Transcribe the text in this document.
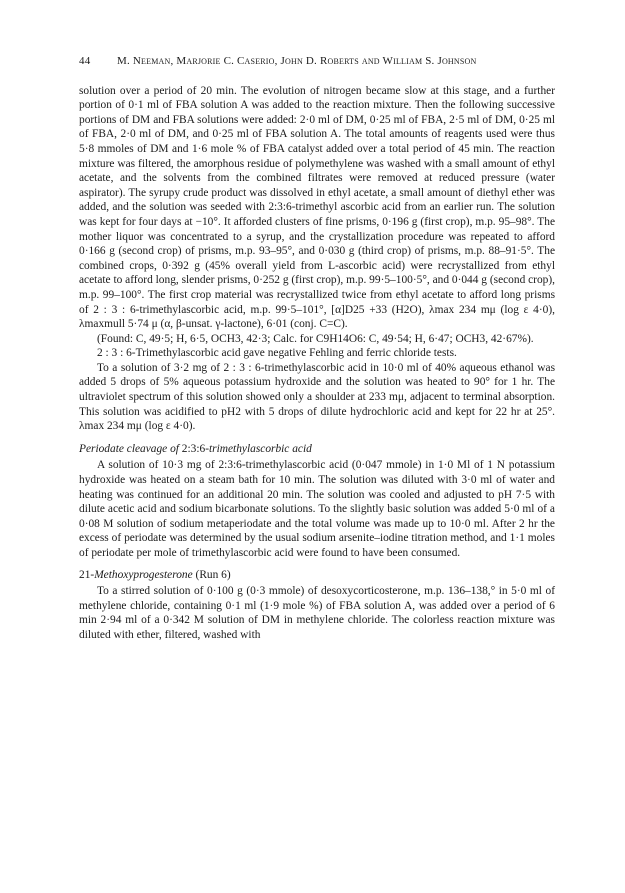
44 M. Neeman, Marjorie C. Caserio, John D. Roberts and William S. Johnson

solution over a period of 20 min. The evolution of nitrogen became slow at this stage, and a further portion of 0·1 ml of FBA solution A was added to the reaction mixture. Then the following successive portions of DM and FBA solutions were added: 2·0 ml of DM, 0·25 ml of FBA, 2·5 ml of DM, 0·25 ml of FBA, 2·0 ml of DM, and 0·25 ml of FBA solution A. The total amounts of reagents used were thus 5·8 mmoles of DM and 1·6 mole % of FBA catalyst added over a total period of 45 min. The reaction mixture was filtered, the amorphous residue of polymethylene was washed with a small amount of ethyl acetate, and the solvents from the combined filtrates were removed at reduced pressure (water aspirator). The syrupy crude product was dissolved in ethyl acetate, a small amount of diethyl ether was added, and the solution was seeded with 2:3:6-trimethyl ascorbic acid from an earlier run. The solution was kept for four days at −10°. It afforded clusters of fine prisms, 0·196 g (first crop), m.p. 95–98°. The mother liquor was concentrated to a syrup, and the crystallization procedure was repeated to afford 0·166 g (second crop) of prisms, m.p. 93–95°, and 0·030 g (third crop) of prisms, m.p. 88–91·5°. The combined crops, 0·392 g (45% overall yield from L-ascorbic acid) were recrystallized from ethyl acetate to afford long, slender prisms, 0·252 g (first crop), m.p. 99·5–100·5°, and 0·044 g (second crop), m.p. 99–100°. The first crop material was recrystallized twice from ethyl acetate to afford long prisms of 2 : 3 : 6-trimethylascorbic acid, m.p. 99·5–101°, [α]D25 +33 (H2O), λmax 234 mμ (log ε 4·0), λmaxmull 5·74 μ (α, β-unsat. γ-lactone), 6·01 (conj. C=C).

(Found: C, 49·5; H, 6·5, OCH3, 42·3; Calc. for C9H14O6: C, 49·54; H, 6·47; OCH3, 42·67%).

2 : 3 : 6-Trimethylascorbic acid gave negative Fehling and ferric chloride tests.

To a solution of 3·2 mg of 2 : 3 : 6-trimethylascorbic acid in 10·0 ml of 40% aqueous ethanol was added 5 drops of 5% aqueous potassium hydroxide and the solution was heated to 90° for 1 hr. The ultraviolet spectrum of this solution showed only a shoulder at 233 mμ, adjacent to terminal absorption. This solution was acidified to pH2 with 5 drops of dilute hydrochloric acid and kept for 22 hr at 25°. λmax 234 mμ (log ε 4·0).

Periodate cleavage of 2:3:6-trimethylascorbic acid

A solution of 10·3 mg of 2:3:6-trimethylascorbic acid (0·047 mmole) in 1·0 Ml of 1 N potassium hydroxide was heated on a steam bath for 10 min. The solution was diluted with 3·0 ml of water and heating was continued for an additional 20 min. The solution was cooled and adjusted to pH 7·5 with dilute acetic acid and sodium bicarbonate solutions. To the slightly basic solution was added 5·0 ml of a 0·08 M solution of sodium metaperiodate and the total volume was made up to 10·0 ml. After 2 hr the excess of periodate was determined by the usual sodium arsenite–iodine titration method, and 1·1 moles of periodate per mole of trimethylascorbic acid were found to have been consumed.

21-Methoxyprogesterone (Run 6)

To a stirred solution of 0·100 g (0·3 mmole) of desoxycorticosterone, m.p. 136–138,° in 5·0 ml of methylene chloride, containing 0·1 ml (1·9 mole %) of FBA solution A, was added over a period of 6 min 2·94 ml of a 0·342 M solution of DM in methylene chloride. The colorless reaction mixture was diluted with ether, filtered, washed with
